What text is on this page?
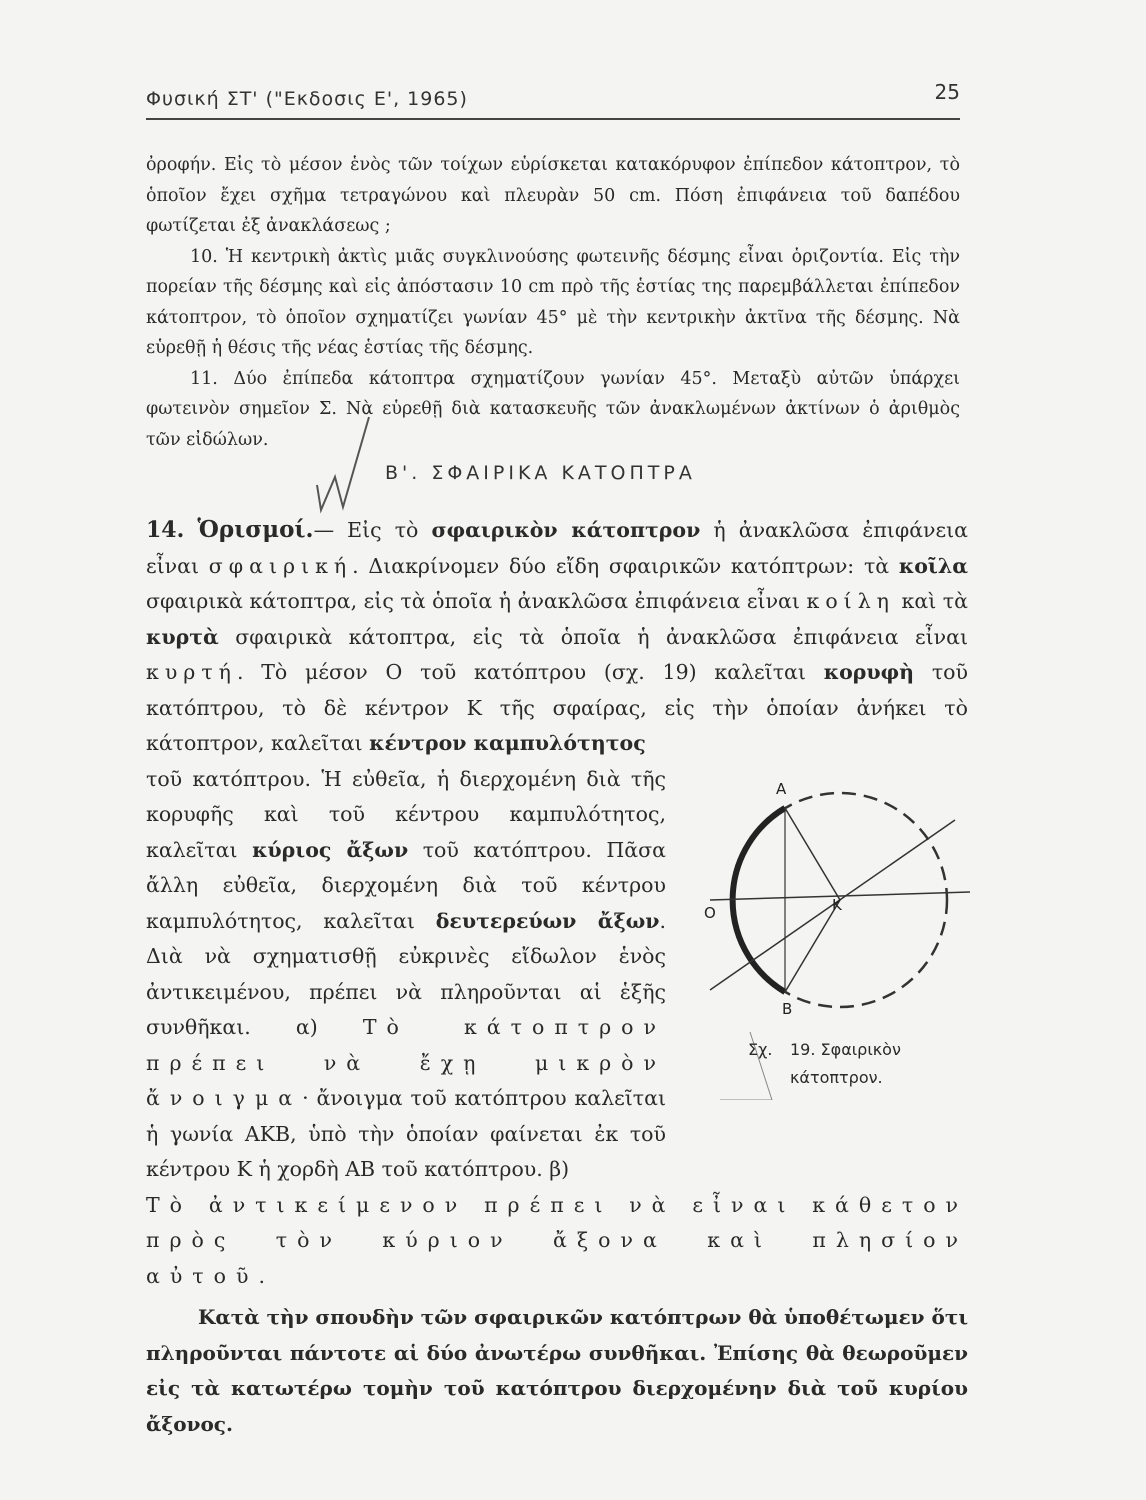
Φυσική ΣΤ' ("Εκδοσις Ε', 1965)	25

ὀροφήν. Εἰς τὸ μέσον ἑνὸς τῶν τοίχων εὑρίσκεται κατακόρυφον ἐπίπεδον κάτοπτρον, τὸ ὁποῖον ἔχει σχῆμα τετραγώνου καὶ πλευρὰν 50 cm. Πόση ἐπιφάνεια τοῦ δαπέδου φωτίζεται ἐξ ἀνακλάσεως ;

10. Ἡ κεντρικὴ ἀκτὶς μιᾶς συγκλινούσης φωτεινῆς δέσμης εἶναι ὁριζοντία. Εἰς τὴν πορείαν τῆς δέσμης καὶ εἰς ἀπόστασιν 10 cm πρὸ τῆς ἑστίας της παρεμβάλλεται ἐπίπεδον κάτοπτρον, τὸ ὁποῖον σχηματίζει γωνίαν 45° μὲ τὴν κεντρικὴν ἀκτῖνα τῆς δέσμης. Νὰ εὑρεθῇ ἡ θέσις τῆς νέας ἑστίας τῆς δέσμης.

11. Δύο ἐπίπεδα κάτοπτρα σχηματίζουν γωνίαν 45°. Μεταξὺ αὐτῶν ὑπάρχει φωτεινὸν σημεῖον Σ. Νὰ εὑρεθῇ διὰ κατασκευῆς τῶν ἀνακλωμένων ἀκτίνων ὁ ἀριθμὸς τῶν εἰδώλων.

Β'. ΣΦΑΙΡΙΚΑ ΚΑΤΟΠΤΡΑ

14. Ὁρισμοί.— Εἰς τὸ σφαιρικὸν κάτοπτρον ἡ ἀνακλῶσα ἐπιφάνεια εἶναι σφαιρική. Διακρίνομεν δύο εἴδη σφαιρικῶν κατόπτρων: τὰ κοῖλα σφαιρικὰ κάτοπτρα, εἰς τὰ ὁποῖα ἡ ἀνακλῶσα ἐπιφάνεια εἶναι κοίλη καὶ τὰ κυρτὰ σφαιρικὰ κάτοπτρα, εἰς τὰ ὁποῖα ἡ ἀνακλῶσα ἐπιφάνεια εἶναι κυρτή. Τὸ μέσον Ο τοῦ κατόπτρου (σχ. 19) καλεῖται κορυφὴ τοῦ κατόπτρου, τὸ δὲ κέντρον Κ τῆς σφαίρας, εἰς τὴν ὁποίαν ἀνήκει τὸ κάτοπτρον, καλεῖται κέντρον καμπυλότητος

τοῦ κατόπτρου. Ἡ εὐθεῖα, ἡ διερχομένη διὰ τῆς κορυφῆς καὶ τοῦ κέντρου καμπυλότητος, καλεῖται κύριος ἄξων τοῦ κατόπτρου. Πᾶσα ἄλλη εὐθεῖα, διερχομένη διὰ τοῦ κέντρου καμπυλότητος, καλεῖται δευτερεύων ἄξων. Διὰ νὰ σχηματισθῇ εὐκρινὲς εἴδωλον ἑνὸς ἀντικειμένου, πρέπει νὰ πληροῦνται αἱ ἑξῆς συνθῆκαι. α) Τὸ κάτοπτρον πρέπει νὰ ἔχῃ μικρὸν ἄνοιγμα· ἄνοιγμα τοῦ κατόπτρου καλεῖται ἡ γωνία ΑΚΒ, ὑπὸ τὴν ὁποίαν φαίνεται ἐκ τοῦ κέντρου Κ ἡ χορδὴ ΑΒ τοῦ κατόπτρου. β)

Τὸ ἀντικείμενον πρέπει νὰ εἶναι κάθετον πρὸς τὸν κύριον ἄξονα καὶ πλησίον αὐτοῦ.

Κατὰ τὴν σπουδὴν τῶν σφαιρικῶν κατόπτρων θὰ ὑποθέτωμεν ὅτι πληροῦνται πάντοτε αἱ δύο ἀνωτέρω συνθῆκαι. Ἐπίσης θὰ θεωροῦμεν εἰς τὰ κατωτέρω τομὴν τοῦ κατόπτρου διερχομένην διὰ τοῦ κυρίου ἄξονος.

Α
Β
Ο	Κ
Σχ. 19. Σφαιρικὸν
κάτοπτρον.
